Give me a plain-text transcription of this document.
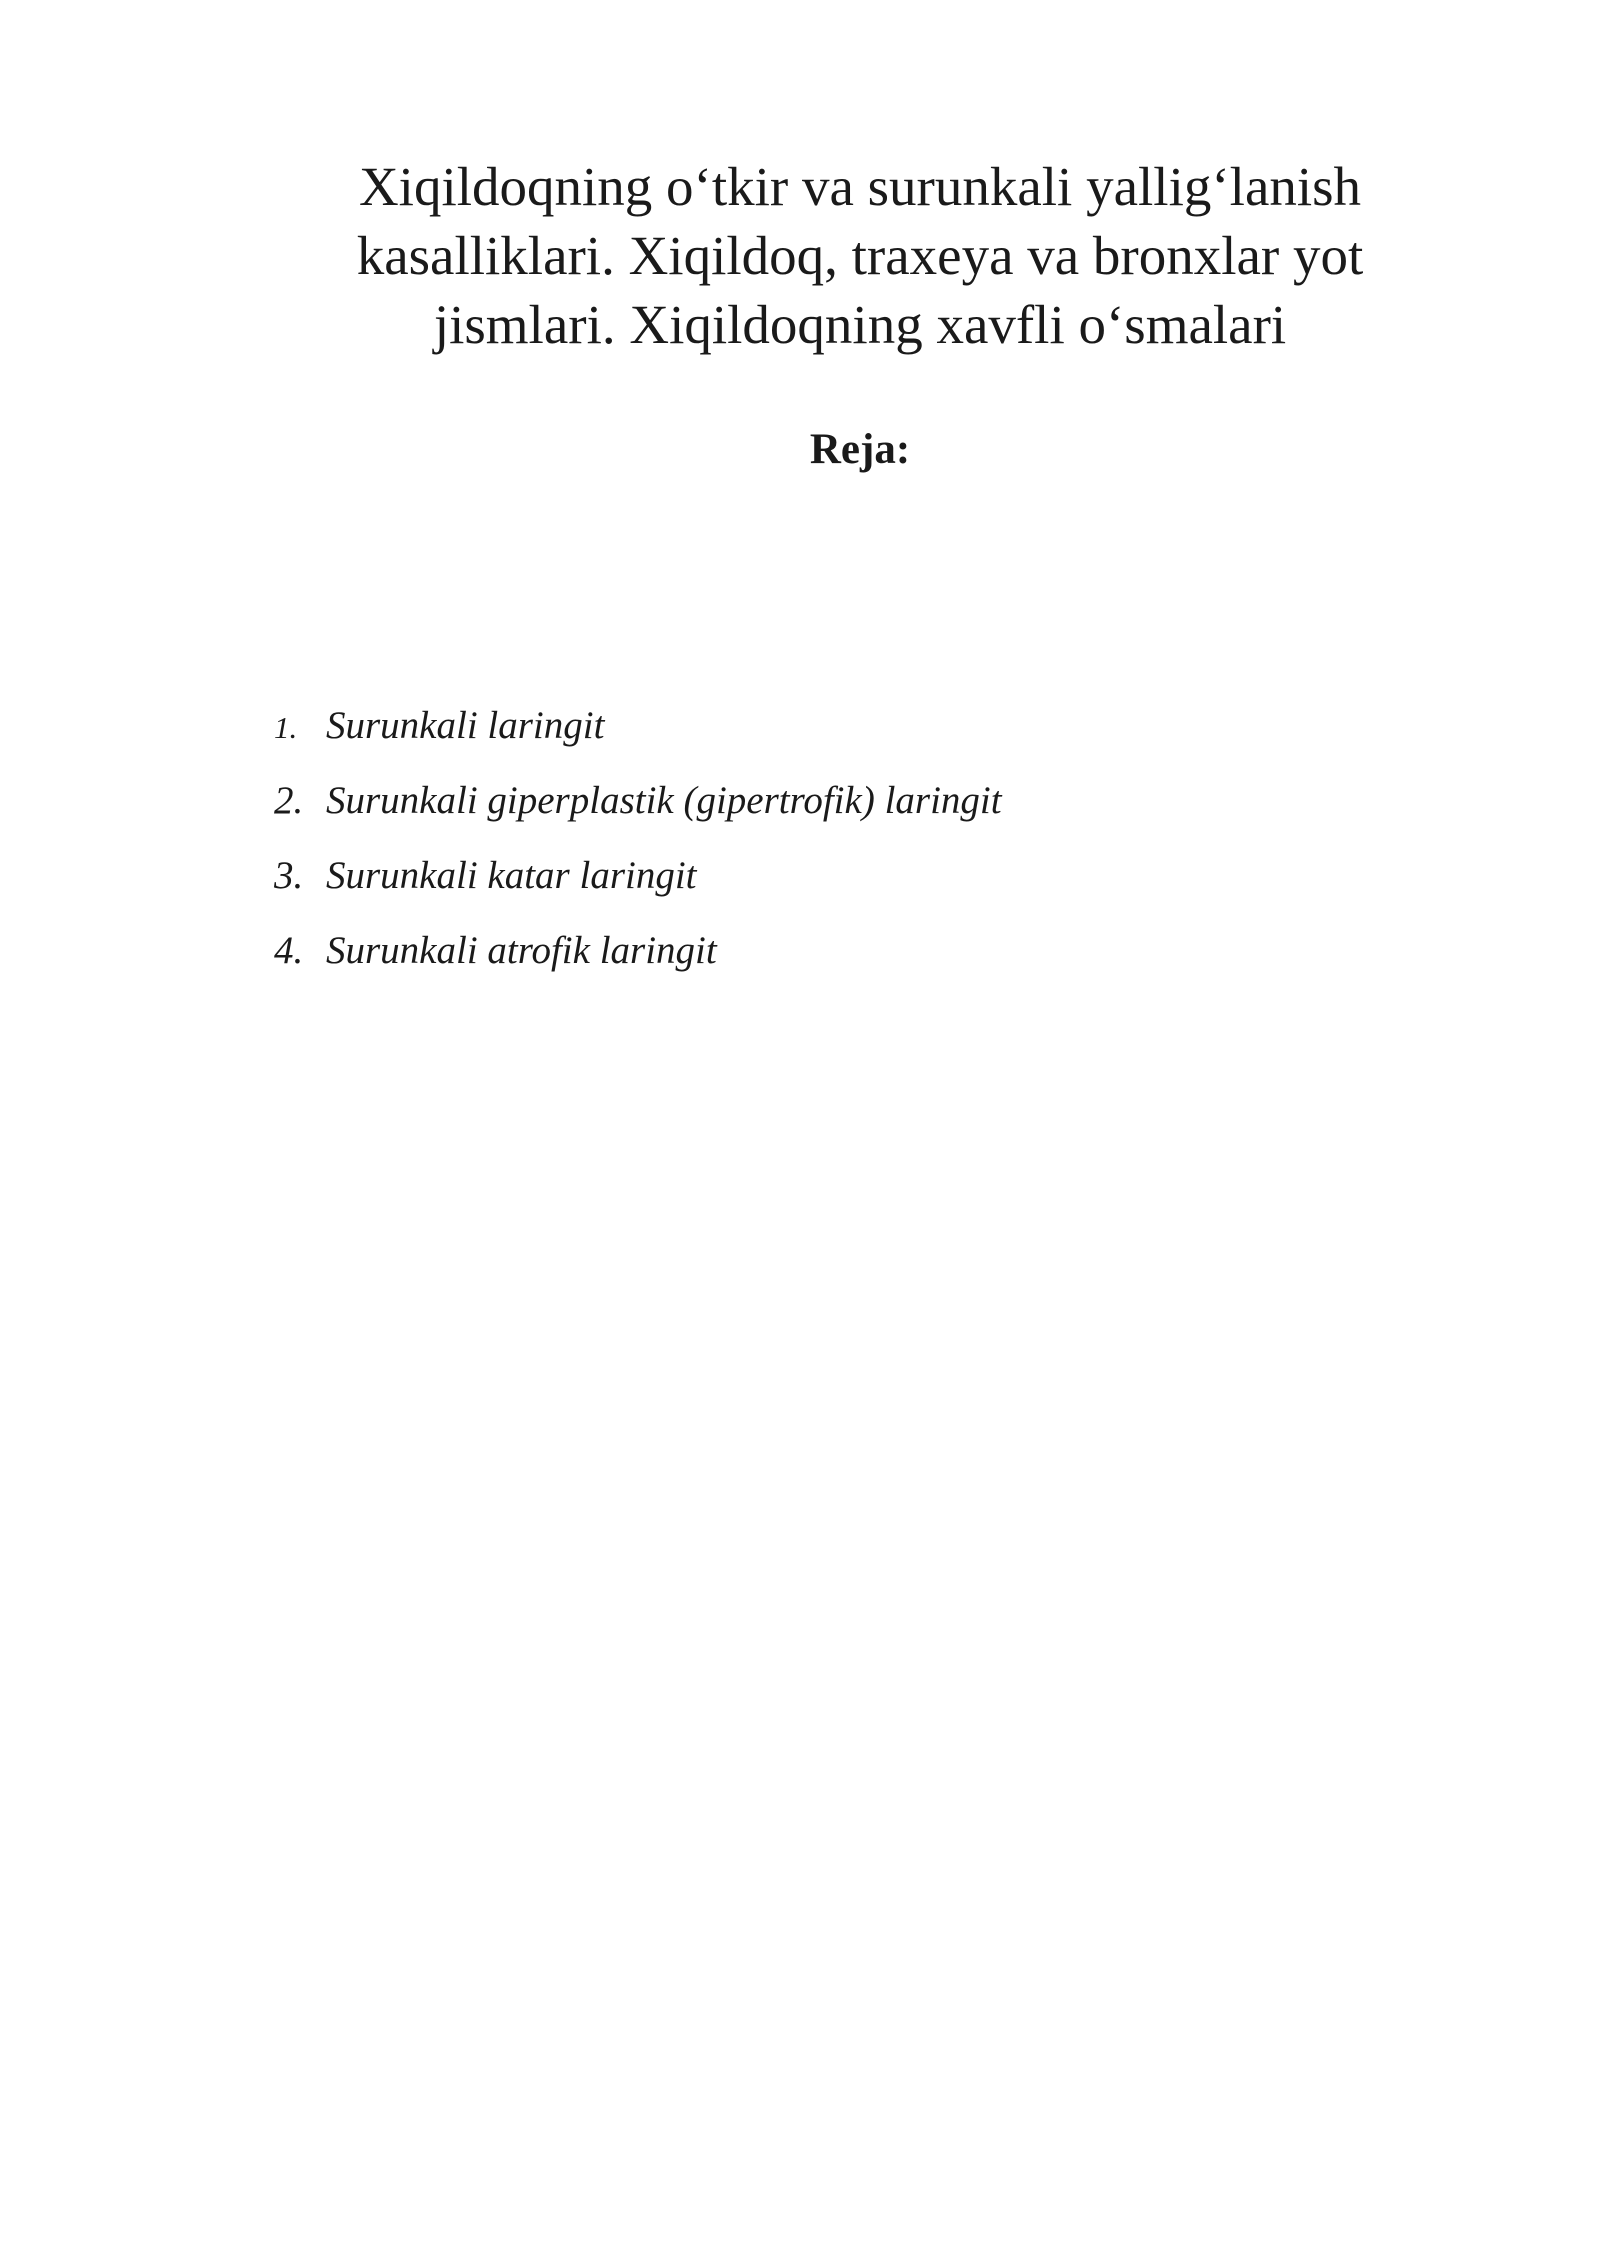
Xiqildoqning o‘tkir va surunkali yallig‘lanish
kasalliklari. Xiqildoq, traxeya va bronxlar yot
jismlari. Xiqildoqning xavfli o‘smalari
Reja:
1. Surunkali laringit
2. Surunkali giperplastik (gipertrofik) laringit
3. Surunkali katar laringit
4. Surunkali atrofik laringit
